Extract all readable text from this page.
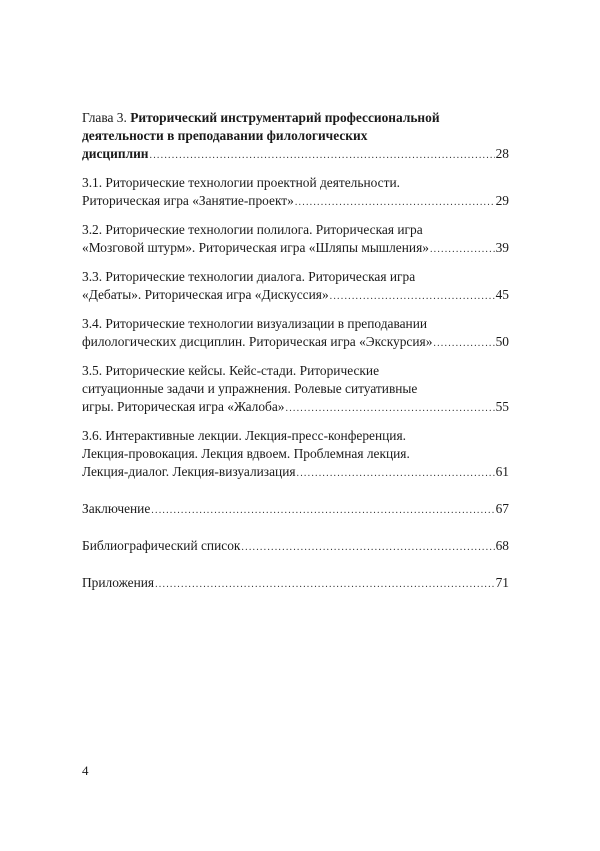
Глава 3. Риторический инструментарий профессиональной
деятельности в преподавании филологических
дисциплин .....	28
3.1. Риторические технологии проектной деятельности.
Риторическая игра «Занятие-проект» .....	29
3.2. Риторические технологии полилога. Риторическая игра
«Мозговой штурм». Риторическая игра «Шляпы мышления» .....	39
3.3. Риторические технологии диалога. Риторическая игра
«Дебаты». Риторическая игра «Дискуссия» .....	45
3.4. Риторические технологии визуализации в преподавании
филологических дисциплин. Риторическая игра «Экскурсия» .....	50
3.5. Риторические кейсы. Кейс-стади. Риторические
ситуационные задачи и упражнения. Ролевые ситуативные
игры. Риторическая игра «Жалоба» .....	55
3.6. Интерактивные лекции. Лекция-пресс-конференция.
Лекция-провокация. Лекция вдвоем. Проблемная лекция.
Лекция-диалог. Лекция-визуализация .....	61
Заключение .....	67
Библиографический список .....	68
Приложения .....	71
4
